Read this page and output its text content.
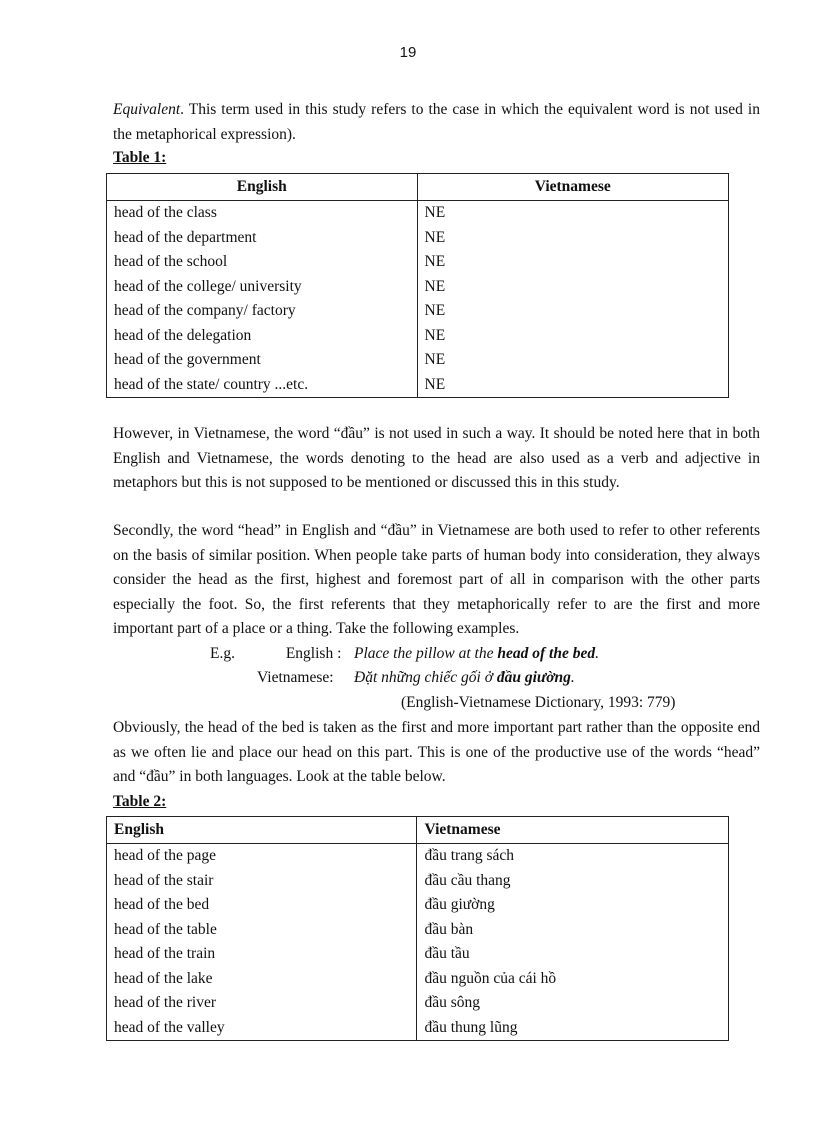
19

Equivalent. This term used in this study refers to the case in which the equivalent word is not used in the metaphorical expression).

Table 1:

English	Vietnamese
head of the class	NE
head of the department	NE
head of the school	NE
head of the college/ university	NE
head of the company/ factory	NE
head of the delegation	NE
head of the government	NE
head of the state/ country ...etc.	NE

However, in Vietnamese, the word “đầu” is not used in such a way. It should be noted here that in both English and Vietnamese, the words denoting to the head are also used as a verb and adjective in metaphors but this is not supposed to be mentioned or discussed this in this study.

Secondly, the word “head” in English and “đầu” in Vietnamese are both used to refer to other referents on the basis of similar position. When people take parts of human body into consideration, they always consider the head as the first, highest and foremost part of all in comparison with the other parts especially the foot. So, the first referents that they metaphorically refer to are the first and more important part of a place or a thing. Take the following examples.

E.g.	English : Place the pillow at the head of the bed.
Vietnamese: Đặt những chiếc gối ở đầu giường.
(English-Vietnamese Dictionary, 1993: 779)

Obviously, the head of the bed is taken as the first and more important part rather than the opposite end as we often lie and place our head on this part. This is one of the productive use of the words “head” and “đầu” in both languages. Look at the table below.

Table 2:

English	Vietnamese
head of the page	đầu trang sách
head of the stair	đầu cầu thang
head of the bed	đầu giường
head of the table	đầu bàn
head of the train	đầu tầu
head of the lake	đầu nguồn của cái hồ
head of the river	đầu sông
head of the valley	đầu thung lũng
